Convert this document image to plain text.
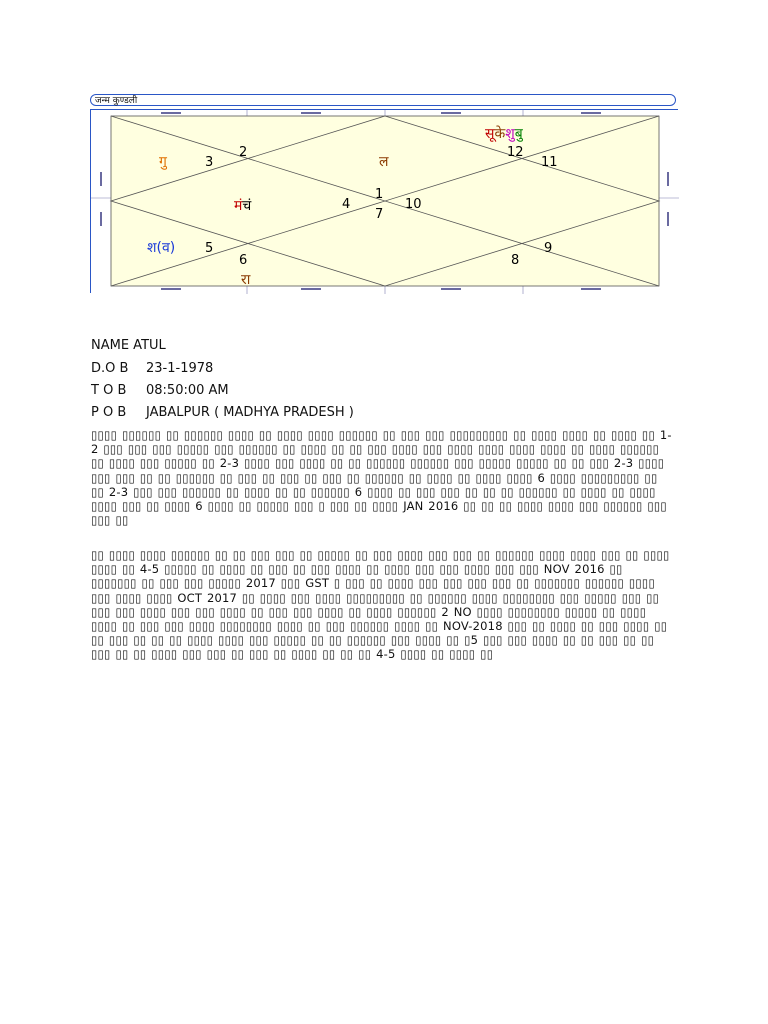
जन्म कुण्डली
1
2
3
4
5
6
7
8
9
10
11
12
ल
गु
मंचं
श(व)
रा
सूकेशुबु
NAME ATUL
D.O B 23-1-1978
T O B 08:50:00 AM
P O B JABALPUR ( MADHYA PRADESH )

▯▯▯▯ ▯▯▯▯▯▯ ▯▯ ▯▯▯▯▯▯ ▯▯▯▯ ▯▯ ▯▯▯▯ ▯▯▯▯ ▯▯▯▯▯▯ ▯▯ ▯▯▯ ▯▯▯ ▯▯▯▯▯▯▯▯▯ ▯▯ ▯▯▯▯ ▯▯▯▯ ▯▯ ▯▯▯▯ ▯▯ 1-2 ▯▯▯ ▯▯▯ ▯▯▯ ▯▯▯▯▯ ▯▯▯ ▯▯▯▯▯▯ ▯▯ ▯▯▯▯ ▯▯ ▯▯ ▯▯▯ ▯▯▯▯ ▯▯▯ ▯▯▯▯ ▯▯▯▯ ▯▯▯▯ ▯▯▯▯ ▯▯ ▯▯▯▯ ▯▯▯▯▯▯ ▯▯ ▯▯▯▯ ▯▯▯ ▯▯▯▯▯ ▯▯ 2-3 ▯▯▯▯ ▯▯▯ ▯▯▯▯ ▯▯ ▯▯ ▯▯▯▯▯▯ ▯▯▯▯▯▯ ▯▯▯ ▯▯▯▯▯ ▯▯▯▯▯ ▯▯ ▯▯ ▯▯▯ 2-3 ▯▯▯▯ ▯▯▯ ▯▯▯ ▯▯ ▯▯ ▯▯▯▯▯▯ ▯▯ ▯▯▯ ▯▯ ▯▯▯ ▯▯ ▯▯▯ ▯▯ ▯▯▯▯▯▯ ▯▯ ▯▯▯▯ ▯▯ ▯▯▯▯ ▯▯▯▯ 6 ▯▯▯▯ ▯▯▯▯▯▯▯▯▯ ▯▯ ▯▯ 2-3 ▯▯▯ ▯▯▯ ▯▯▯▯▯▯ ▯▯ ▯▯▯▯ ▯▯ ▯▯ ▯▯▯▯▯▯ 6 ▯▯▯▯ ▯▯ ▯▯▯ ▯▯▯ ▯▯ ▯▯ ▯▯ ▯▯▯▯▯▯ ▯▯ ▯▯▯▯ ▯▯ ▯▯▯▯ ▯▯▯▯ ▯▯▯ ▯▯ ▯▯▯▯ 6 ▯▯▯▯ ▯▯ ▯▯▯▯▯ ▯▯▯ ▯ ▯▯▯ ▯▯ ▯▯▯▯ JAN 2016 ▯▯ ▯▯ ▯▯ ▯▯▯▯ ▯▯▯▯ ▯▯▯ ▯▯▯▯▯▯ ▯▯▯ ▯▯▯ ▯▯

▯▯ ▯▯▯▯ ▯▯▯▯ ▯▯▯▯▯▯ ▯▯ ▯▯ ▯▯▯ ▯▯▯ ▯▯ ▯▯▯▯▯ ▯▯ ▯▯▯ ▯▯▯▯ ▯▯▯ ▯▯▯ ▯▯ ▯▯▯▯▯▯ ▯▯▯▯ ▯▯▯▯ ▯▯▯ ▯▯ ▯▯▯▯ ▯▯▯▯ ▯▯ 4-5 ▯▯▯▯▯ ▯▯ ▯▯▯▯ ▯▯ ▯▯▯ ▯▯ ▯▯▯ ▯▯▯▯ ▯▯ ▯▯▯▯ ▯▯▯ ▯▯▯ ▯▯▯▯ ▯▯▯ ▯▯▯ NOV 2016 ▯▯ ▯▯▯▯▯▯▯ ▯▯ ▯▯▯ ▯▯▯ ▯▯▯▯▯ 2017 ▯▯▯ GST ▯ ▯▯▯ ▯▯ ▯▯▯▯ ▯▯▯ ▯▯▯ ▯▯▯ ▯▯▯ ▯▯ ▯▯▯▯▯▯▯ ▯▯▯▯▯▯ ▯▯▯▯ ▯▯▯ ▯▯▯▯ ▯▯▯▯ OCT 2017 ▯▯ ▯▯▯▯ ▯▯▯ ▯▯▯▯ ▯▯▯▯▯▯▯▯▯ ▯▯ ▯▯▯▯▯▯ ▯▯▯▯ ▯▯▯▯▯▯▯▯ ▯▯▯ ▯▯▯▯▯ ▯▯▯ ▯▯ ▯▯▯ ▯▯▯ ▯▯▯▯ ▯▯▯ ▯▯▯ ▯▯▯▯ ▯▯ ▯▯▯ ▯▯▯ ▯▯▯▯ ▯▯ ▯▯▯▯ ▯▯▯▯▯▯ 2 NO ▯▯▯▯ ▯▯▯▯▯▯▯▯ ▯▯▯▯▯ ▯▯ ▯▯▯▯ ▯▯▯▯ ▯▯ ▯▯▯ ▯▯▯ ▯▯▯▯ ▯▯▯▯▯▯▯▯ ▯▯▯▯ ▯▯ ▯▯▯ ▯▯▯▯▯▯ ▯▯▯▯ ▯▯ NOV-2018 ▯▯▯ ▯▯ ▯▯▯▯ ▯▯ ▯▯▯ ▯▯▯▯ ▯▯ ▯▯ ▯▯▯ ▯▯ ▯▯ ▯▯ ▯▯▯▯ ▯▯▯▯ ▯▯▯ ▯▯▯▯▯ ▯▯ ▯▯ ▯▯▯▯▯▯ ▯▯▯ ▯▯▯▯ ▯▯ ▯5 ▯▯▯ ▯▯▯ ▯▯▯▯ ▯▯ ▯▯ ▯▯▯ ▯▯ ▯▯ ▯▯▯ ▯▯ ▯▯ ▯▯▯▯ ▯▯▯ ▯▯▯ ▯▯ ▯▯▯ ▯▯ ▯▯▯▯ ▯▯ ▯▯ ▯▯ 4-5 ▯▯▯▯ ▯▯ ▯▯▯▯ ▯▯
